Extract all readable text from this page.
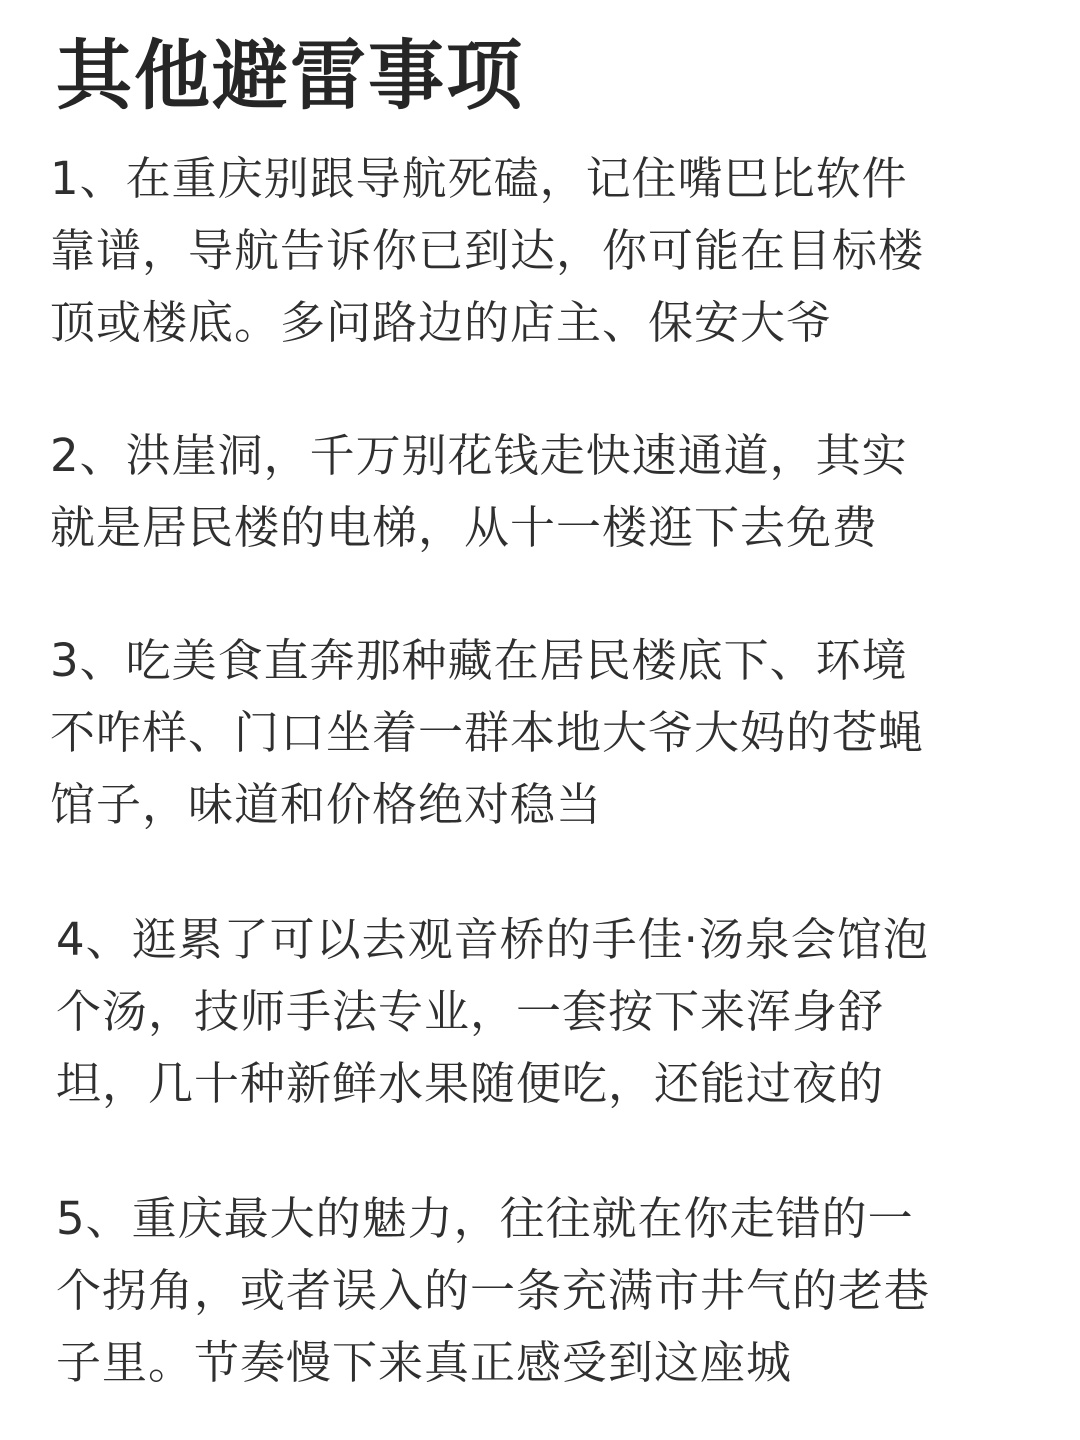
其他避雷事项
1、在重庆别跟导航死磕，记住嘴巴比软件
靠谱，导航告诉你已到达，你可能在目标楼
顶或楼底。多问路边的店主、保安大爷
2、洪崖洞，千万别花钱走快速通道，其实
就是居民楼的电梯，从十一楼逛下去免费
3、吃美食直奔那种藏在居民楼底下、环境
不咋样、门口坐着一群本地大爷大妈的苍蝇
馆子，味道和价格绝对稳当
4、逛累了可以去观音桥的手佳·汤泉会馆泡
个汤，技师手法专业，一套按下来浑身舒
坦，几十种新鲜水果随便吃，还能过夜的
5、重庆最大的魅力，往往就在你走错的一
个拐角，或者误入的一条充满市井气的老巷
子里。节奏慢下来真正感受到这座城
